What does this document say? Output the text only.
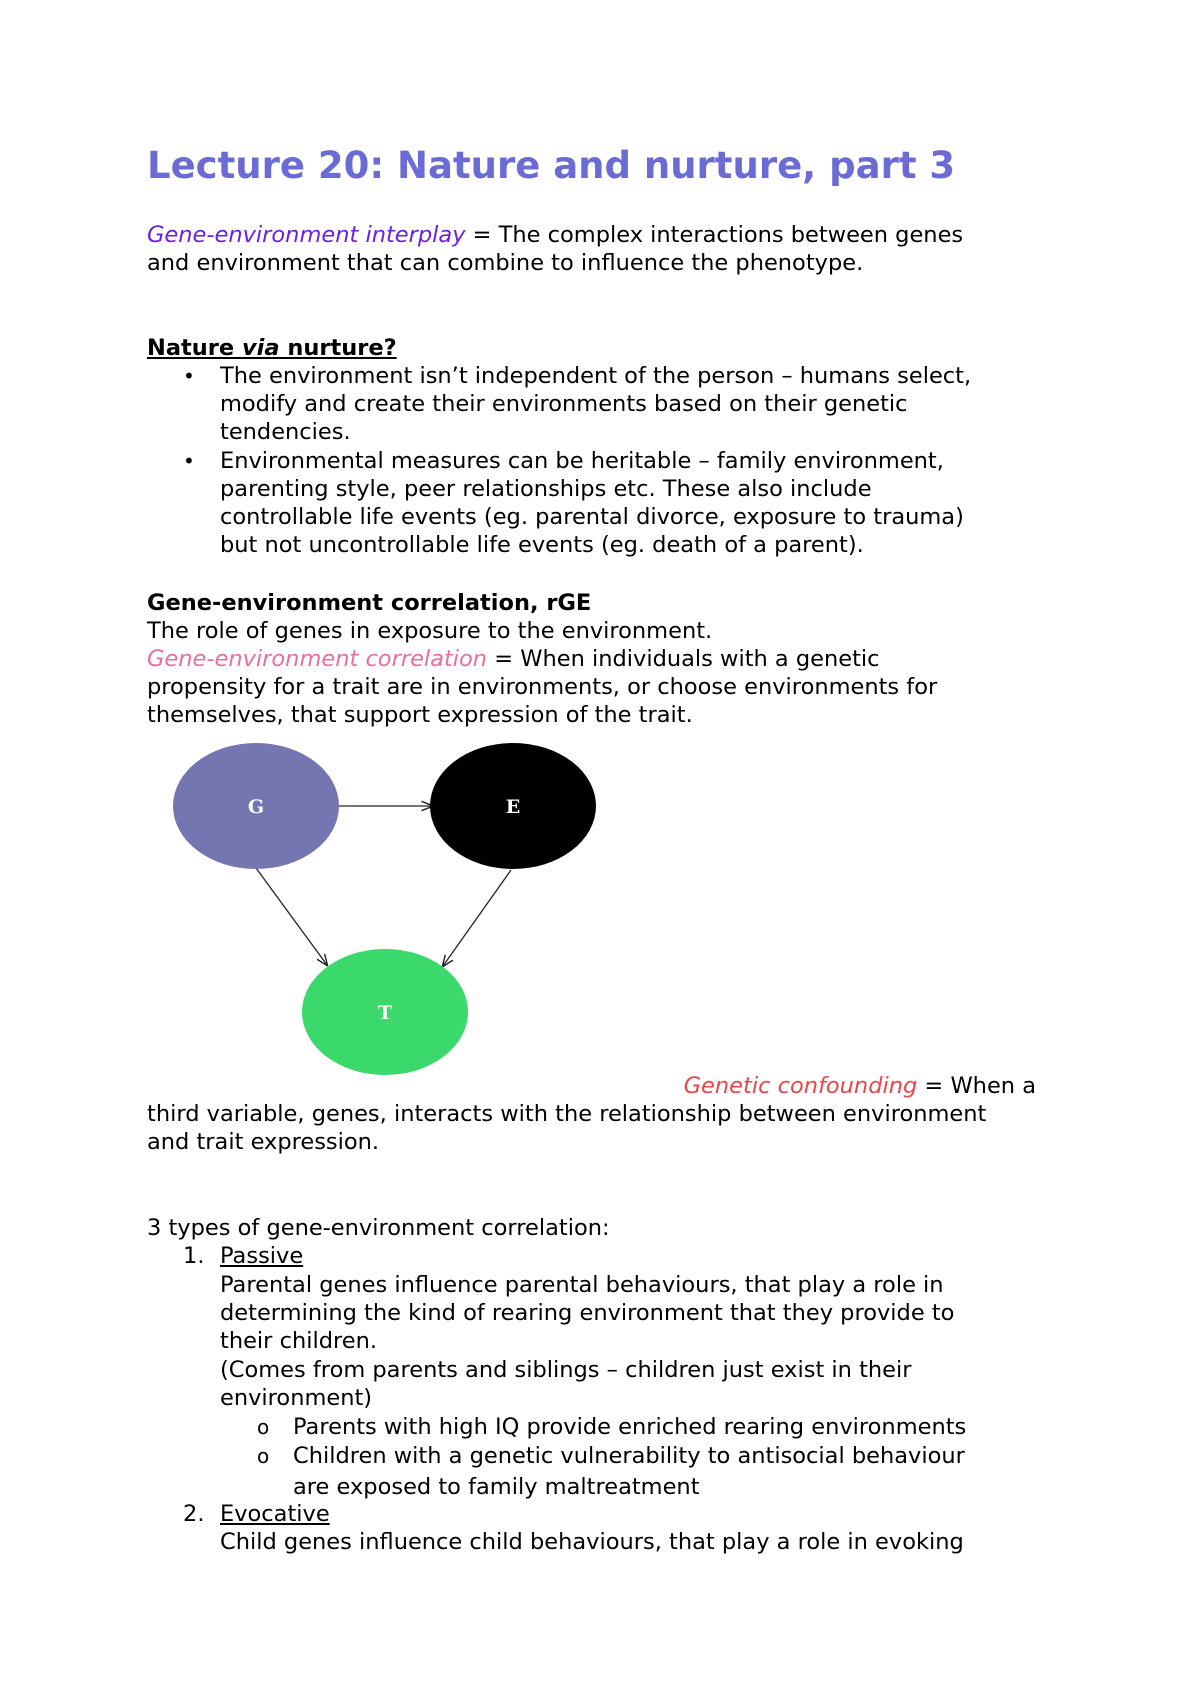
Lecture 20: Nature and nurture, part 3
Gene-environment interplay = The complex interactions between genes
and environment that can combine to influence the phenotype.
Nature via nurture?
• The environment isn’t independent of the person – humans select,
modify and create their environments based on their genetic
tendencies.
• Environmental measures can be heritable – family environment,
parenting style, peer relationships etc. These also include
controllable life events (eg. parental divorce, exposure to trauma)
but not uncontrollable life events (eg. death of a parent).
Gene-environment correlation, rGE
The role of genes in exposure to the environment.
Gene-environment correlation = When individuals with a genetic
propensity for a trait are in environments, or choose environments for
themselves, that support expression of the trait.
G	E
T
Genetic confounding = When a
third variable, genes, interacts with the relationship between environment
and trait expression.
3 types of gene-environment correlation:
1. Passive
Parental genes influence parental behaviours, that play a role in
determining the kind of rearing environment that they provide to
their children.
(Comes from parents and siblings – children just exist in their
environment)
o Parents with high IQ provide enriched rearing environments
o Children with a genetic vulnerability to antisocial behaviour
are exposed to family maltreatment
2. Evocative
Child genes influence child behaviours, that play a role in evoking
